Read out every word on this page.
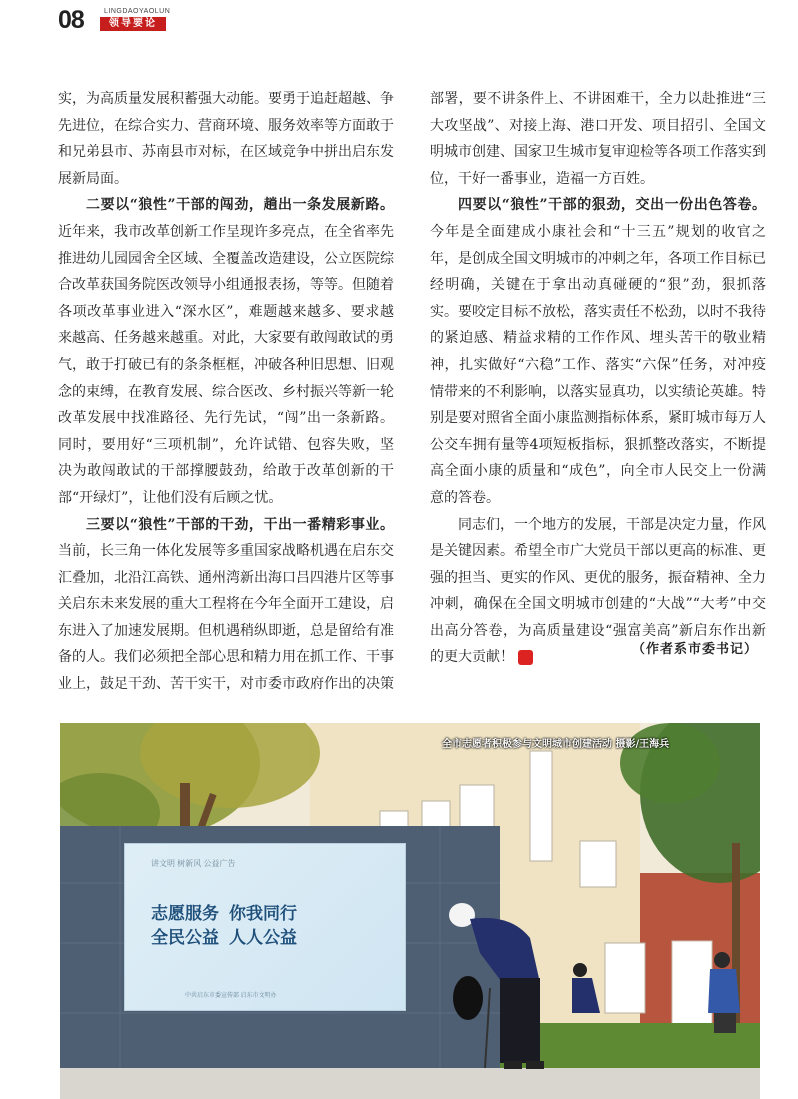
08	LINGDAOYAOLUN
领导要论

实，为高质量发展积蓄强大动能。要勇于追赶超越、争先进位，在综合实力、营商环境、服务效率等方面敢于和兄弟县市、苏南县市对标，在区域竞争中拼出启东发展新局面。

二要以“狼性”干部的闯劲，趟出一条发展新路。近年来，我市改革创新工作呈现许多亮点，在全省率先推进幼儿园园舍全区域、全覆盖改造建设，公立医院综合改革获国务院医改领导小组通报表扬，等等。但随着各项改革事业进入“深水区”，难题越来越多、要求越来越高、任务越来越重。对此，大家要有敢闯敢试的勇气，敢于打破已有的条条框框，冲破各种旧思想、旧观念的束缚，在教育发展、综合医改、乡村振兴等新一轮改革发展中找准路径、先行先试，“闯”出一条新路。同时，要用好“三项机制”，允许试错、包容失败，坚决为敢闯敢试的干部撑腰鼓劲，给敢于改革创新的干部“开绿灯”，让他们没有后顾之忧。

三要以“狼性”干部的干劲，干出一番精彩事业。当前，长三角一体化发展等多重国家战略机遇在启东交汇叠加，北沿江高铁、通州湾新出海口吕四港片区等事关启东未来发展的重大工程将在今年全面开工建设，启东进入了加速发展期。但机遇稍纵即逝，总是留给有准备的人。我们必须把全部心思和精力用在抓工作、干事业上，鼓足干劲、苦干实干，对市委市政府作出的决策

部署，要不讲条件上、不讲困难干，全力以赴推进“三大攻坚战”、对接上海、港口开发、项目招引、全国文明城市创建、国家卫生城市复审迎检等各项工作落实到位，干好一番事业，造福一方百姓。

四要以“狼性”干部的狠劲，交出一份出色答卷。今年是全面建成小康社会和“十三五”规划的收官之年，是创成全国文明城市的冲刺之年，各项工作目标已经明确，关键在于拿出动真碰硬的“狠”劲，狠抓落实。要咬定目标不放松，落实责任不松劲，以时不我待的紧迫感、精益求精的工作作风、埋头苦干的敬业精神，扎实做好“六稳”工作、落实“六保”任务，对冲疫情带来的不利影响，以落实显真功，以实绩论英雄。特别是要对照省全面小康监测指标体系，紧盯城市每万人公交车拥有量等4项短板指标，狠抓整改落实，不断提高全面小康的质量和“成色”，向全市人民交上一份满意的答卷。

同志们，一个地方的发展，干部是决定力量，作风是关键因素。希望全市广大党员干部以更高的标准、更强的担当、更实的作风、更优的服务，振奋精神、全力冲刺，确保在全国文明城市创建的“大战”“大考”中交出高分答卷，为高质量建设“强富美高”新启东作出新的更大贡献！	要	（作者系市委书记）
讲文明 树新风 公益广告
志愿服务 你我同行
全民公益 人人公益
中共启东市委宣传部 启东市文明办
全市志愿者积极参与文明城市创建活动 摄影/王海兵
